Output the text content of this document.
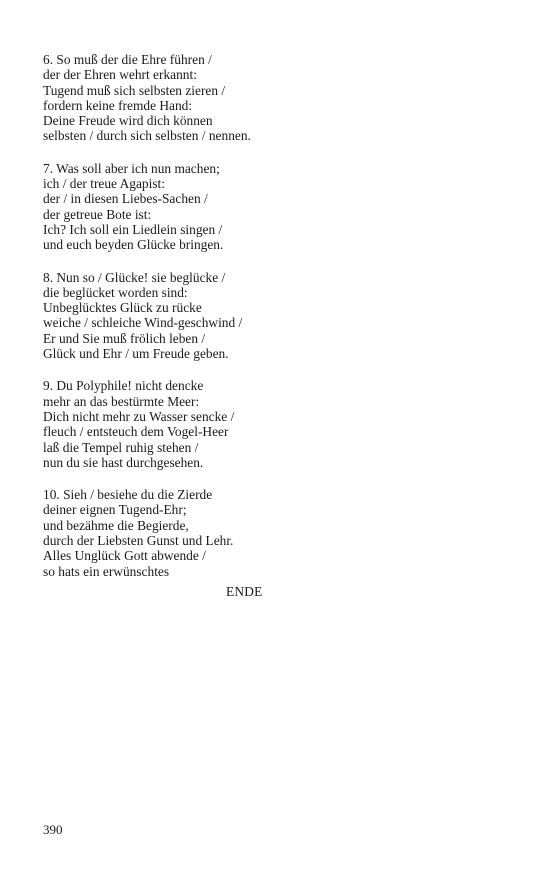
6. So muß der die Ehre führen /
der der Ehren wehrt erkannt:
Tugend muß sich selbsten zieren /
fordern keine fremde Hand:
Deine Freude wird dich können
selbsten / durch sich selbsten / nennen.
7. Was soll aber ich nun machen;
ich / der treue Agapist:
der / in diesen Liebes-Sachen /
der getreue Bote ist:
Ich? Ich soll ein Liedlein singen /
und euch beyden Glücke bringen.
8. Nun so / Glücke! sie beglücke /
die beglücket worden sind:
Unbeglücktes Glück zu rücke
weiche / schleiche Wind-geschwind /
Er und Sie muß frölich leben /
Glück und Ehr / um Freude geben.
9. Du Polyphile! nicht dencke
mehr an das bestürmte Meer:
Dich nicht mehr zu Wasser sencke /
fleuch / entsteuch dem Vogel-Heer
laß die Tempel ruhig stehen /
nun du sie hast durchgesehen.
10. Sieh / besiehe du die Zierde
deiner eignen Tugend-Ehr;
und bezähme die Begierde,
durch der Liebsten Gunst und Lehr.
Alles Unglück Gott abwende /
so hats ein erwünschtes
ENDE
390
